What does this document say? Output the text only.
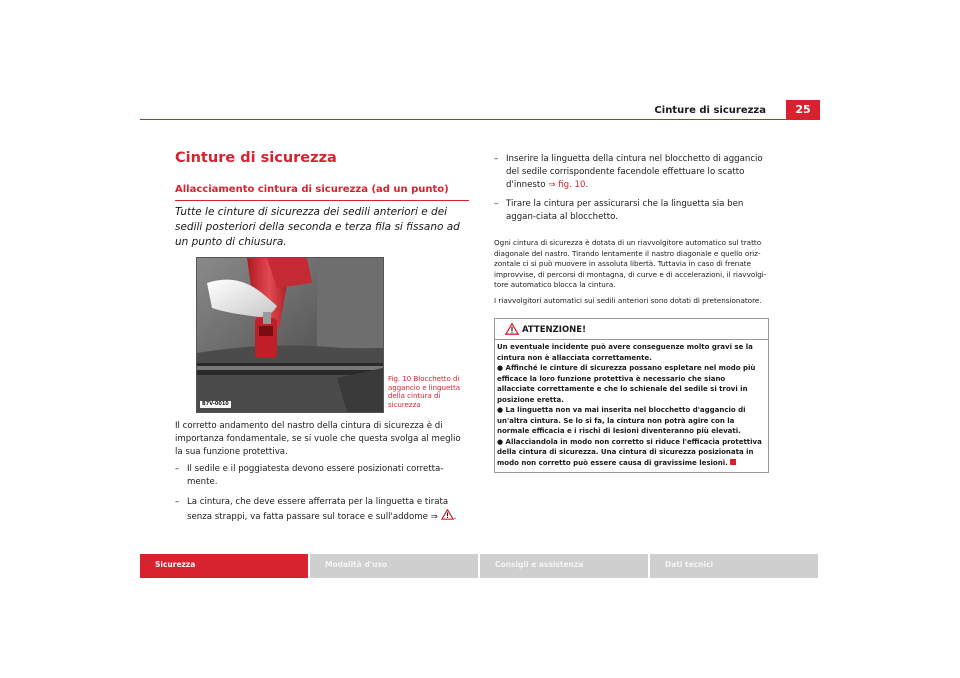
Cinture di sicurezza	25
Cinture di sicurezza
Allacciamento cintura di sicurezza (ad un punto)
Tutte le cinture di sicurezza dei sedili anteriori e dei sedili posteriori della seconda e terza fila si fissano ad un punto di chiusura.
B7V-0010
Fig. 10 Blocchetto di aggancio e linguetta della cintura di sicurezza
Il corretto andamento del nastro della cintura di sicurezza è di importanza fondamentale, se si vuole che questa svolga al meglio la sua funzione protettiva.
– Il sedile e il poggiatesta devono essere posizionati corretta-mente.
– La cintura, che deve essere afferrata per la linguetta e tirata senza strappi, va fatta passare sul torace e sull'addome ⇒ .
– Inserire la linguetta della cintura nel blocchetto di aggancio del sedile corrispondente facendole effettuare lo scatto d'innesto ⇒ fig. 10.
– Tirare la cintura per assicurarsi che la linguetta sia ben aggan-ciata al blocchetto.
Ogni cintura di sicurezza è dotata di un riavvolgitore automatico sul tratto diagonale del nastro. Tirando lentamente il nastro diagonale e quello oriz-zontale ci si può muovere in assoluta libertà. Tuttavia in caso di frenate improvvise, di percorsi di montagna, di curve e di accelerazioni, il riavvolgi-tore automatico blocca la cintura.
I riavvolgitori automatici sui sedili anteriori sono dotati di pretensionatore.
ATTENZIONE!

Un eventuale incidente può avere conseguenze molto gravi se la cintura non è allacciata correttamente.

● Affinché le cinture di sicurezza possano espletare nel modo più efficace la loro funzione protettiva è necessario che siano allacciate correttamente e che lo schienale del sedile si trovi in posizione eretta.

● La linguetta non va mai inserita nel blocchetto d'aggancio di un'altra cintura. Se lo si fa, la cintura non potrà agire con la normale efficacia e i rischi di lesioni diventeranno più elevati.

● Allacciandola in modo non corretto si riduce l'efficacia protettiva della cintura di sicurezza. Una cintura di sicurezza posizionata in modo non corretto può essere causa di gravissime lesioni.

Sicurezza	Modalità d'uso	Consigli e assistenza	Dati tecnici
